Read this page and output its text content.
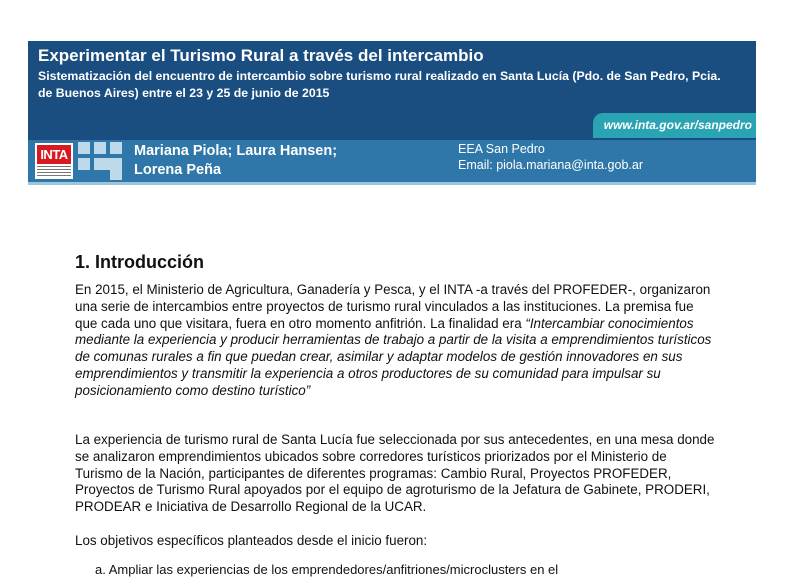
Experimentar el Turismo Rural a través del intercambio
Sistematización del encuentro de intercambio sobre turismo rural realizado en Santa Lucía (Pdo. de San Pedro, Pcia. de Buenos Aires) entre el 23 y 25 de junio de 2015
www.inta.gov.ar/sanpedro
INTA	Mariana Piola; Laura Hansen;
Lorena Peña
EEA San Pedro
Email: piola.mariana@inta.gob.ar
1. Introducción

En 2015, el Ministerio de Agricultura, Ganadería y Pesca, y el INTA -a través del PROFEDER-, organizaron una serie de intercambios entre proyectos de turismo rural vinculados a las instituciones. La premisa fue que cada uno que visitara, fuera en otro momento anfitrión. La finalidad era “Intercambiar conocimientos mediante la experiencia y producir herramientas de trabajo a partir de la visita a emprendimientos turísticos de comunas rurales a fin que puedan crear, asimilar y adaptar modelos de gestión innovadores en sus emprendimientos y transmitir la experiencia a otros productores de su comunidad para impulsar su posicionamiento como destino turístico”

La experiencia de turismo rural de Santa Lucía fue seleccionada por sus antecedentes, en una mesa donde se analizaron emprendimientos ubicados sobre corredores turísticos priorizados por el Ministerio de Turismo de la Nación, participantes de diferentes programas: Cambio Rural, Proyectos PROFEDER, Proyectos de Turismo Rural apoyados por el equipo de agroturismo de la Jefatura de Gabinete, PRODERI, PRODEAR e Iniciativa de Desarrollo Regional de la UCAR.

Los objetivos específicos planteados desde el inicio fueron:

a. Ampliar las experiencias de los emprendedores/anfitriones/microclusters en el
